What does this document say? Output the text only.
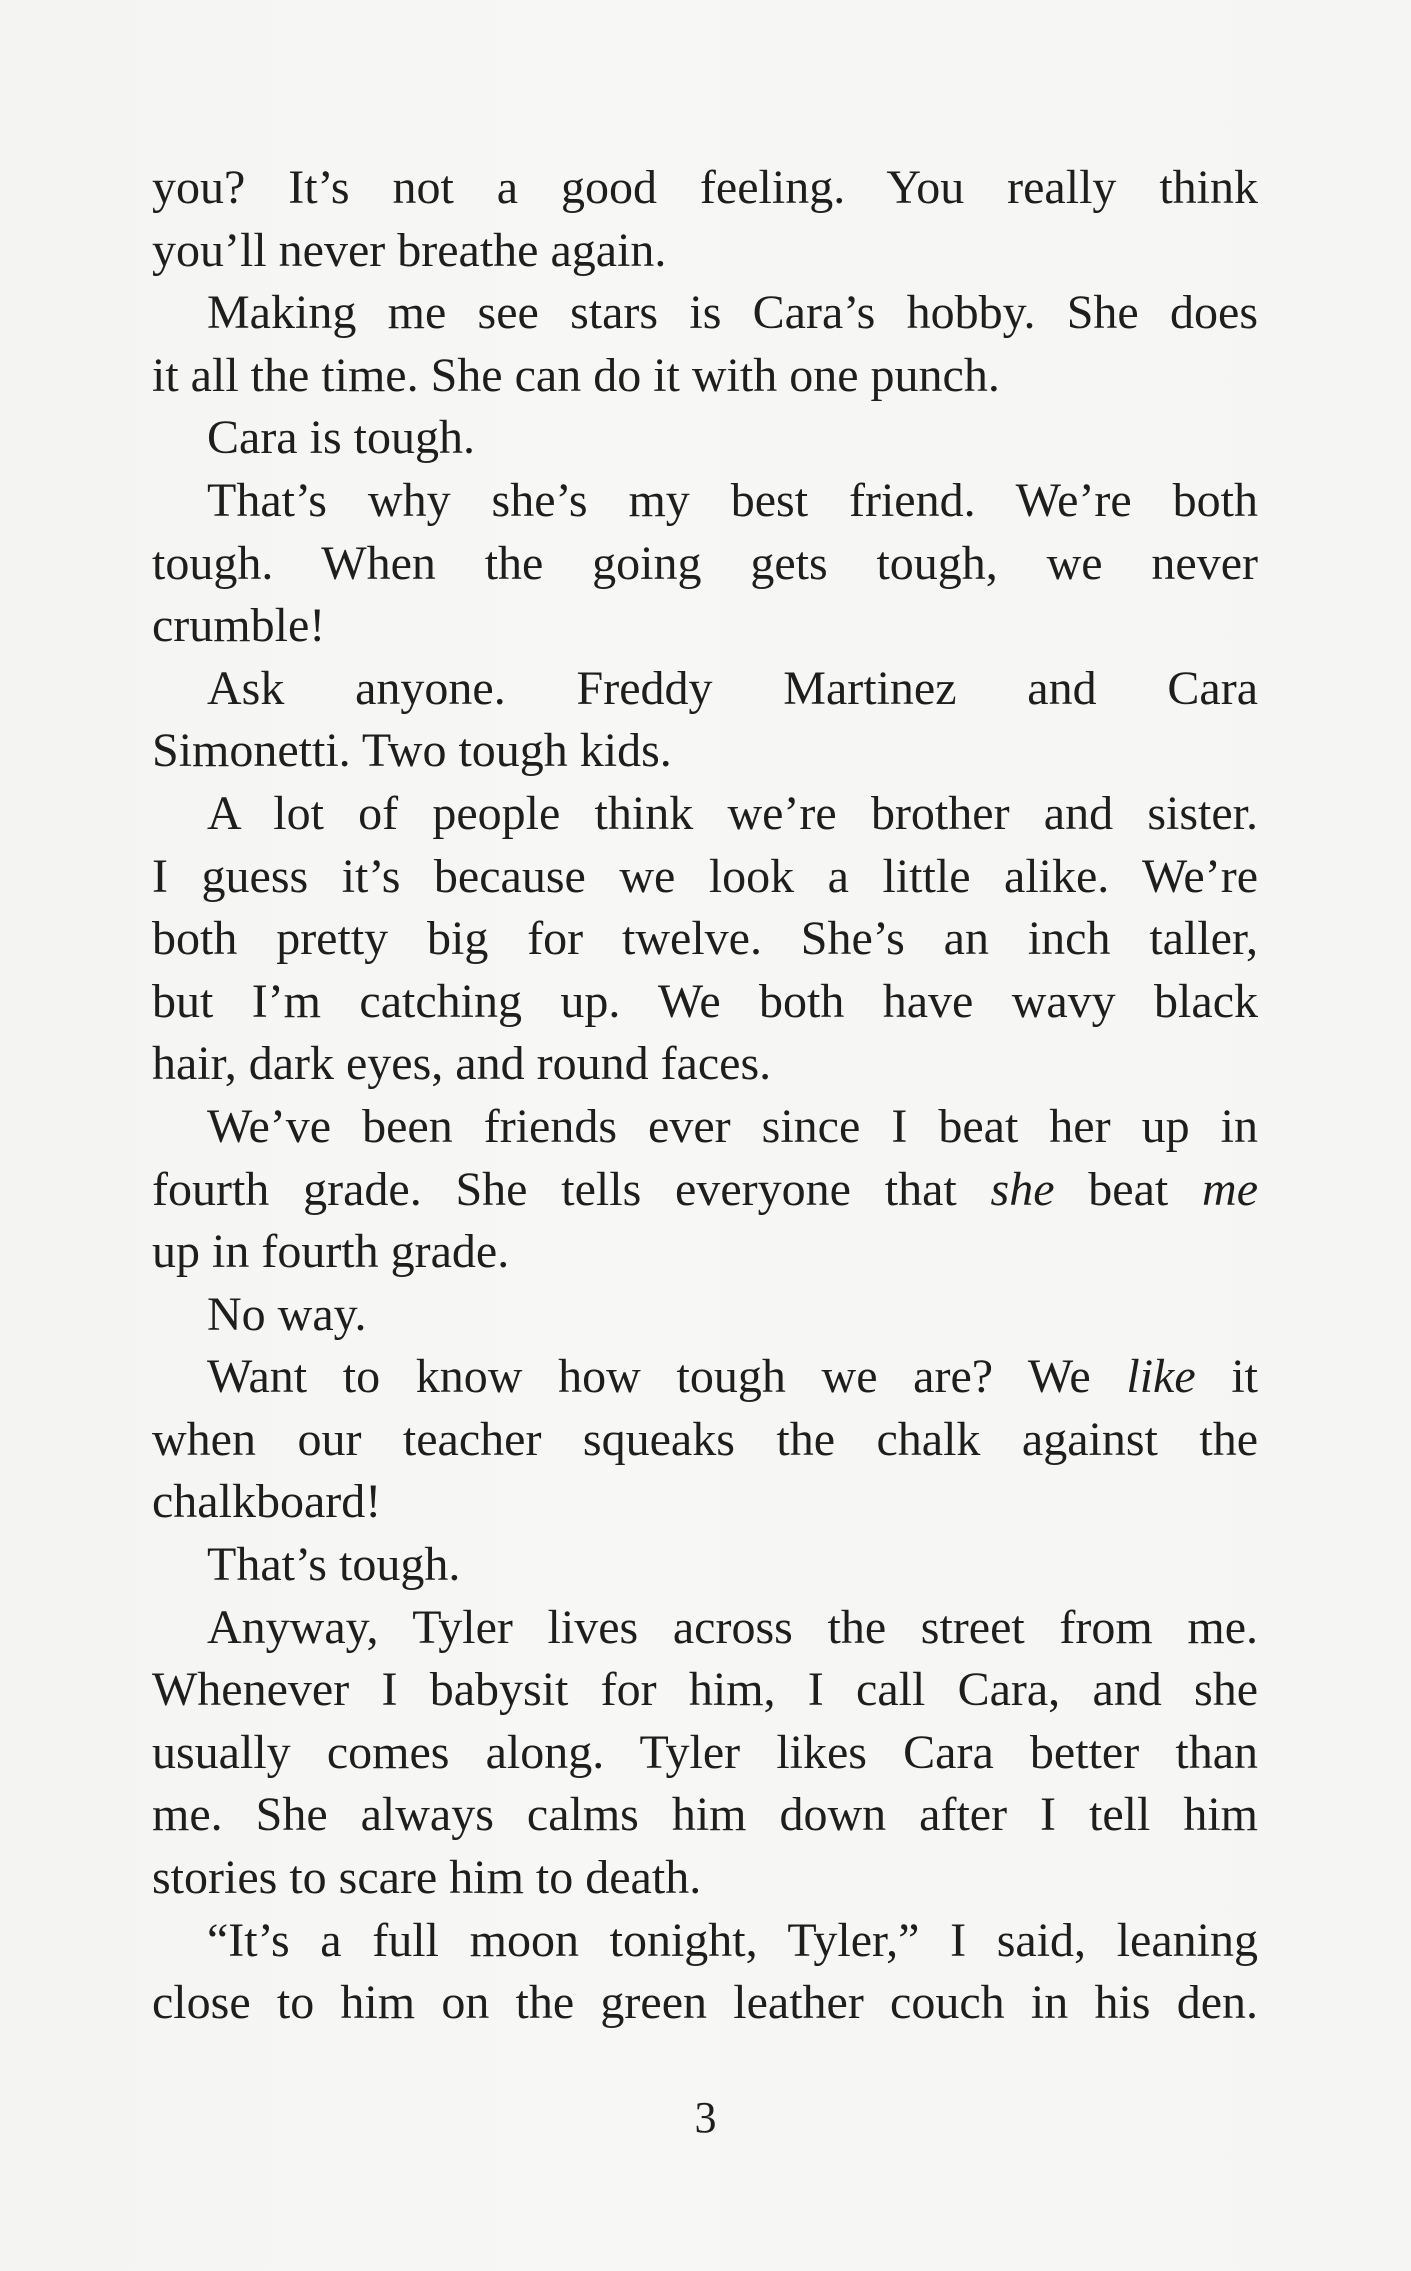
you? It’s not a good feeling. You really think
you’ll never breathe again.
Making me see stars is Cara’s hobby. She does
it all the time. She can do it with one punch.
Cara is tough.
That’s why she’s my best friend. We’re both
tough. When the going gets tough, we never
crumble!
Ask anyone. Freddy Martinez and Cara
Simonetti. Two tough kids.
A lot of people think we’re brother and sister.
I guess it’s because we look a little alike. We’re
both pretty big for twelve. She’s an inch taller,
but I’m catching up. We both have wavy black
hair, dark eyes, and round faces.
We’ve been friends ever since I beat her up in
fourth grade. She tells everyone that she beat me
up in fourth grade.
No way.
Want to know how tough we are? We like it
when our teacher squeaks the chalk against the
chalkboard!
That’s tough.
Anyway, Tyler lives across the street from me.
Whenever I babysit for him, I call Cara, and she
usually comes along. Tyler likes Cara better than
me. She always calms him down after I tell him
stories to scare him to death.
“It’s a full moon tonight, Tyler,” I said, leaning
close to him on the green leather couch in his den.
3
